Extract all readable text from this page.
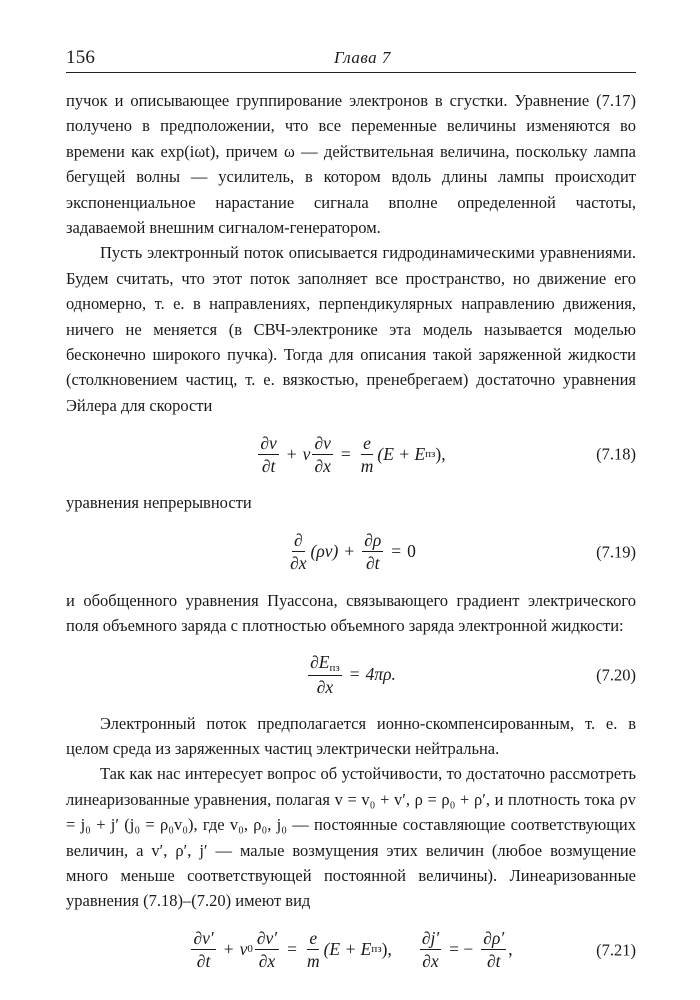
156	Глава 7

пучок и описывающее группирование электронов в сгустки. Уравнение (7.17) получено в предположении, что все переменные величины изменяются во времени как exp(iωt), причем ω — действительная величина, поскольку лампа бегущей волны — усилитель, в котором вдоль длины лампы происходит экспоненциальное нарастание сигнала вполне определенной частоты, задаваемой внешним сигналом-генератором.

Пусть электронный поток описывается гидродинамическими уравнениями. Будем считать, что этот поток заполняет все пространство, но движение его одномерно, т. е. в направлениях, перпендикулярных направлению движения, ничего не меняется (в СВЧ-электронике эта модель называется моделью бесконечно широкого пучка). Тогда для описания такой заряженной жидкости (столкновением частиц, т. е. вязкостью, пренебрегаем) достаточно уравнения Эйлера для скорости

$\frac{\partial v}{\partial t} + v \frac{\partial v}{\partial x} = \frac{e}{m} (E + E$ пз ),	(7.18)

уравнения непрерывности

$\frac{\partial}{\partial x} (\rho v) + \frac{\partial\rho}{\partial t} = 0$	(7.19)

и обобщенного уравнения Пуассона, связывающего градиент электрического поля объемного заряда с плотностью объемного заряда электронной жидкости:

$\frac{\partial E_{пз}}{\partial x} = 4\pi\rho$.	(7.20)

Электронный поток предполагается ионно-скомпенсированным, т. е. в целом среда из заряженных частиц электрически нейтральна.

Так как нас интересует вопрос об устойчивости, то достаточно рассмотреть линеаризованные уравнения, полагая v = v₀ + v′, ρ = ρ₀ + ρ′, и плотность тока ρv = j₀ + j′ (j₀ = ρ₀v₀), где v₀, ρ₀, j₀ — постоянные составляющие соответствующих величин, а v′, ρ′, j′ — малые возмущения этих величин (любое возмущение много меньше соответствующей постоянной величины). Линеаризованные уравнения (7.18)–(7.20) имеют вид

$\frac{\partial v'}{\partial t} + v$ $0 \frac{\partial v'}{\partial x} = \frac{e}{m} (E + E$ пз ), $\frac{\partial j'}{\partial x}$ = − $\frac{\partial\rho'}{\partial t}$ ,	(7.21)
